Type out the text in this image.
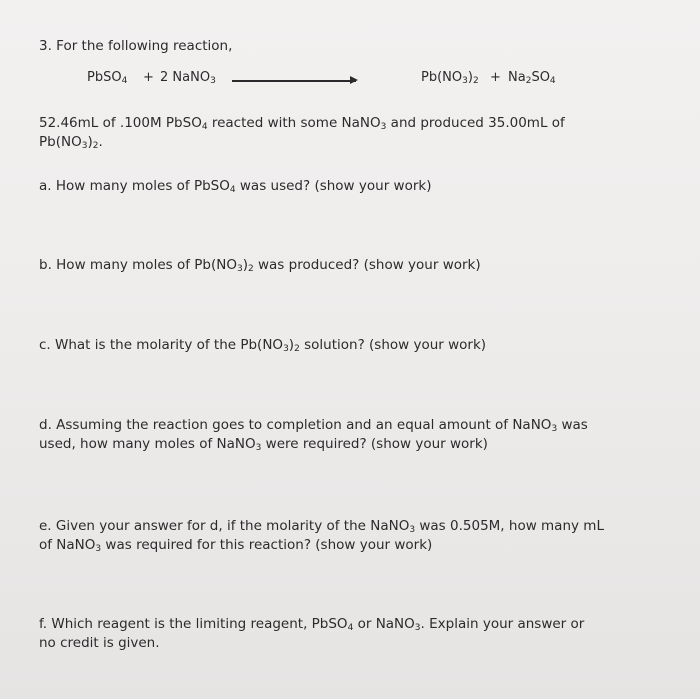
3. For the following reaction,
PbSO$_4$ + 2 NaNO$_3$	$Pb(NO_3)_2 + Na_2SO_4$
52.46mL of .100M PbSO$_4$ reacted with some NaNO$_3$ and produced 35.00mL of
$Pb(NO_3)_2$.
a. How many moles of PbSO$_4$ was used? (show your work)
b. How many moles of $Pb(NO_3)_2$ was produced? (show your work)
c. What is the molarity of the $Pb(NO_3)_2$ solution? (show your work)
d. Assuming the reaction goes to completion and an equal amount of NaNO$_3$ was
used, how many moles of NaNO$_3$ were required? (show your work)
e. Given your answer for d, if the molarity of the NaNO$_3$ was 0.505M, how many mL
of NaNO$_3$ was required for this reaction? (show your work)
f. Which reagent is the limiting reagent, PbSO$_4$ or NaNO$_3$. Explain your answer or
no credit is given.
